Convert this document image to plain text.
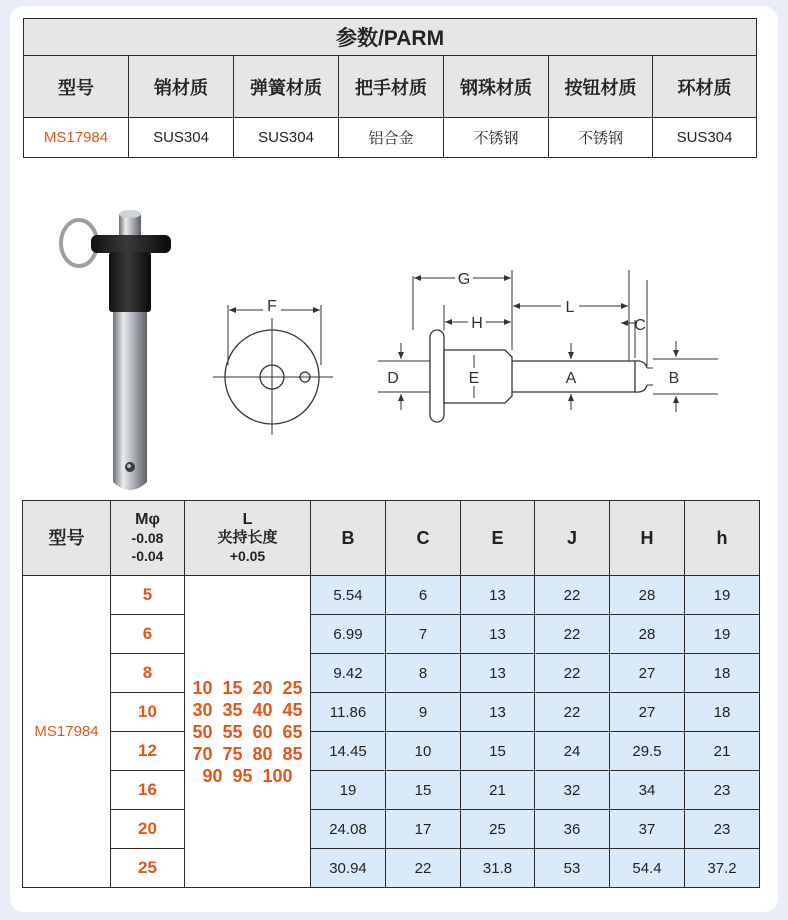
参数/PARM						
型号	销材质	弹簧材质	把手材质	钢珠材质	按钮材质	环材质
MS17984	SUS304	SUS304	铝合金	不锈钢	不锈钢	SUS304
F
G
H
L
C
D	E	A	B
型号	Mφ
-0.08
-0.04	L
夹持长度
+0.05	B	C	E	J	H	h
MS17984	5	10  15  20  25
30  35  40  45
50  55  60  65
70  75  80  85
90  95  100	5.54	6	13	22	28	19
	6		6.99	7	13	22	28	19
	8		9.42	8	13	22	27	18
	10		11.86	9	13	22	27	18
	12		14.45	10	15	24	29.5	21
	16		19	15	21	32	34	23
	20		24.08	17	25	36	37	23
	25		30.94	22	31.8	53	54.4	37.2
